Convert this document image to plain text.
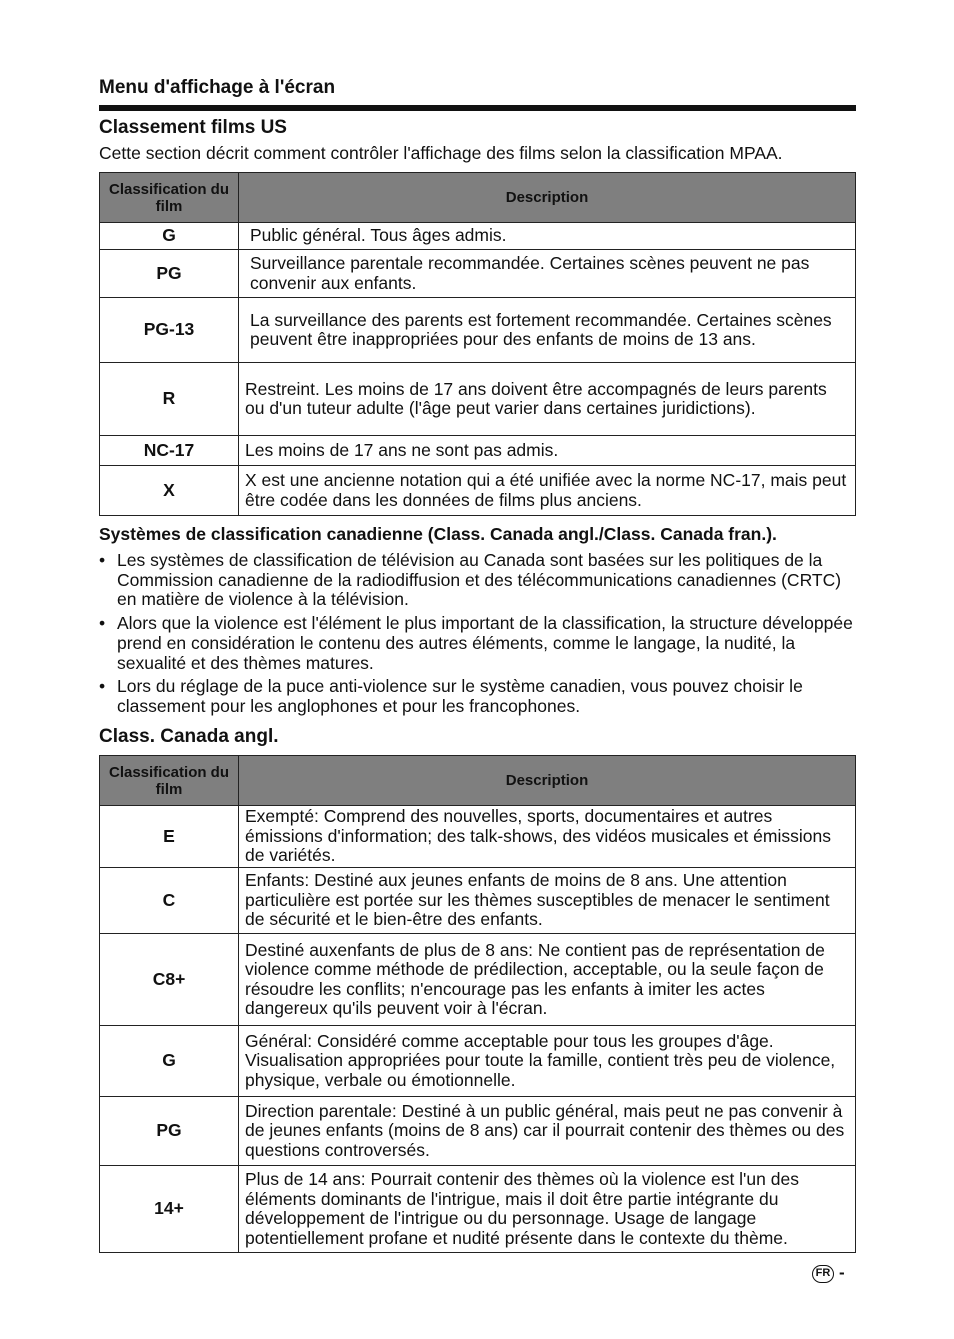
Menu d'affichage à l'écran
Classement films US
Cette section décrit comment contrôler l'affichage des films selon la classification MPAA.
Classification du film	Description
G	Public général. Tous âges admis.
PG	Surveillance parentale recommandée. Certaines scènes peuvent ne pas convenir aux enfants.
PG-13	La surveillance des parents est fortement recommandée. Certaines scènes peuvent être inappropriées pour des enfants de moins de 13 ans.
R	Restreint. Les moins de 17 ans doivent être accompagnés de leurs parents ou d'un tuteur adulte (l'âge peut varier dans certaines juridictions).
NC-17	Les moins de 17 ans ne sont pas admis.
X	X est une ancienne notation qui a été unifiée avec la norme NC-17, mais peut être codée dans les données de films plus anciens.
Systèmes de classification canadienne (Class. Canada angl./Class. Canada fran.).
• Les systèmes de classification de télévision au Canada sont basées sur les politiques de la Commission canadienne de la radiodiffusion et des télécommunications canadiennes (CRTC) en matière de violence à la télévision.
• Alors que la violence est l'élément le plus important de la classification, la structure développée prend en considération le contenu des autres éléments, comme le langage, la nudité, la sexualité et des thèmes matures.
• Lors du réglage de la puce anti-violence sur le système canadien, vous pouvez choisir le classement pour les anglophones et pour les francophones.
Class. Canada angl.
Classification du film	Description
E	Exempté: Comprend des nouvelles, sports, documentaires et autres émissions d'information; des talk-shows, des vidéos musicales et émissions de variétés.
C	Enfants: Destiné aux jeunes enfants de moins de 8 ans. Une attention particulière est portée sur les thèmes susceptibles de menacer le sentiment de sécurité et le bien-être des enfants.
C8+	Destiné auxenfants de plus de 8 ans: Ne contient pas de représentation de violence comme méthode de prédilection, acceptable, ou la seule façon de résoudre les conflits; n'encourage pas les enfants à imiter les actes dangereux qu'ils peuvent voir à l'écran.
G	Général: Considéré comme acceptable pour tous les groupes d'âge. Visualisation appropriées pour toute la famille, contient très peu de violence, physique, verbale ou émotionnelle.
PG	Direction parentale: Destiné à un public général, mais peut ne pas convenir à de jeunes enfants (moins de 8 ans) car il pourrait contenir des thèmes ou des questions controversés.
14+	Plus de 14 ans: Pourrait contenir des thèmes où la violence est l'un des éléments dominants de l'intrigue, mais il doit être partie intégrante du développement de l'intrigue ou du personnage. Usage de langage potentiellement profane et nudité présente dans le contexte du thème.
FR -
